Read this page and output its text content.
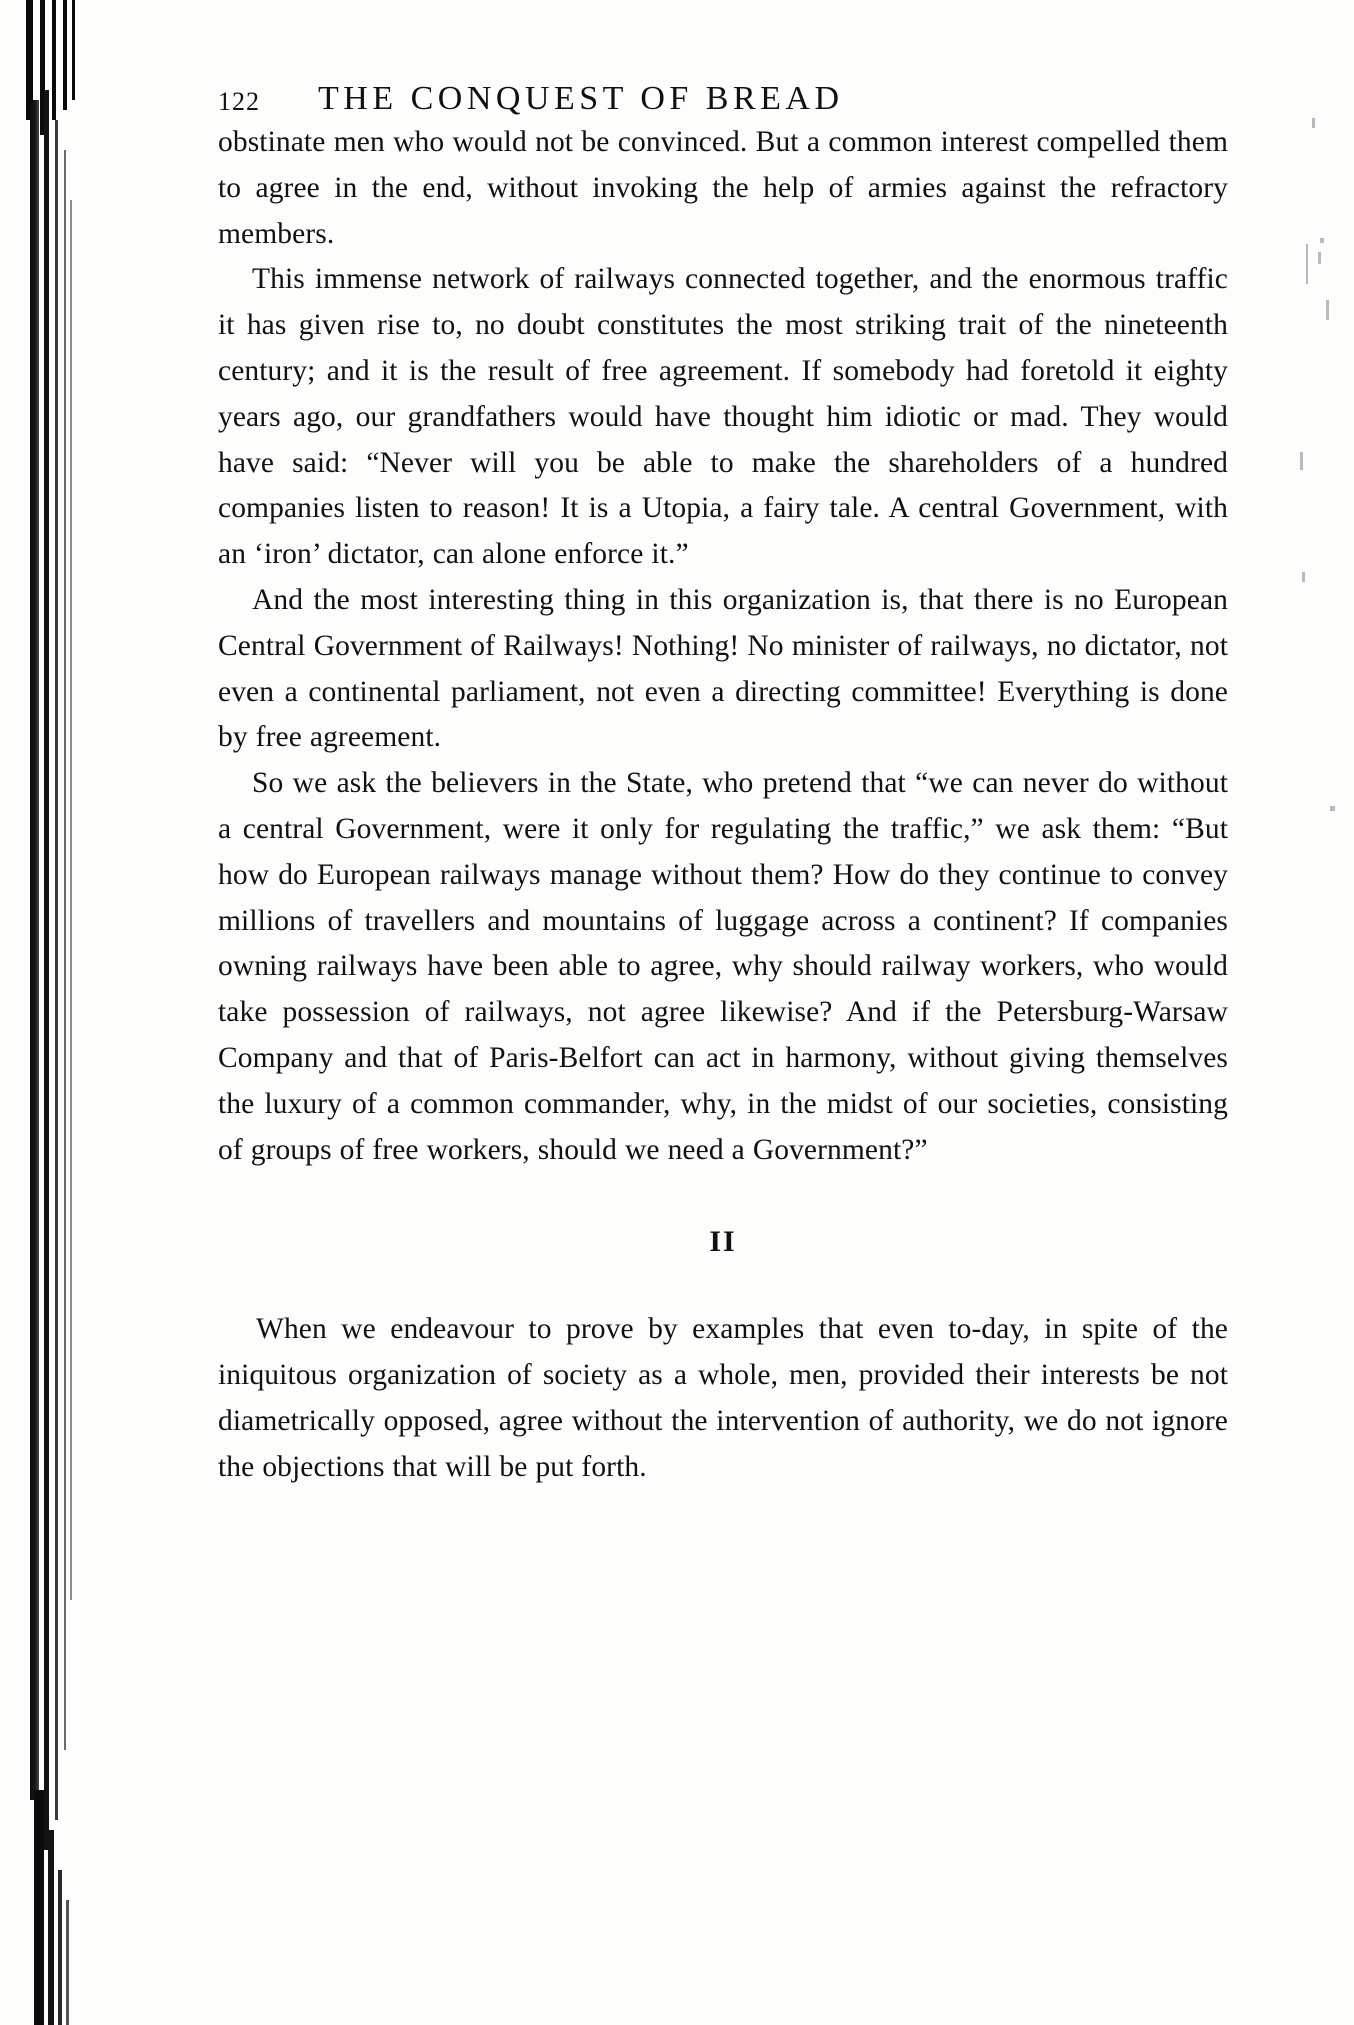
122 THE CONQUEST OF BREAD

obstinate men who would not be convinced. But a common interest compelled them to agree in the end, without invoking the help of armies against the refractory members.

This immense network of railways connected together, and the enormous traffic it has given rise to, no doubt constitutes the most striking trait of the nineteenth century; and it is the result of free agreement. If somebody had foretold it eighty years ago, our grandfathers would have thought him idiotic or mad. They would have said: “Never will you be able to make the shareholders of a hundred companies listen to reason! It is a Utopia, a fairy tale. A central Government, with an ‘iron’ dictator, can alone enforce it.”

And the most interesting thing in this organization is, that there is no European Central Government of Railways! Nothing! No minister of railways, no dictator, not even a continental parliament, not even a directing committee! Everything is done by free agreement.

So we ask the believers in the State, who pretend that “we can never do without a central Government, were it only for regulating the traffic,” we ask them: “But how do European railways manage without them? How do they continue to convey millions of travellers and mountains of luggage across a continent? If companies owning railways have been able to agree, why should railway workers, who would take possession of railways, not agree likewise? And if the Petersburg-Warsaw Company and that of Paris-Belfort can act in harmony, without giving themselves the luxury of a common commander, why, in the midst of our societies, consisting of groups of free workers, should we need a Government?”

II

When we endeavour to prove by examples that even to-day, in spite of the iniquitous organization of society as a whole, men, provided their interests be not diametrically opposed, agree without the intervention of authority, we do not ignore the objections that will be put forth.
